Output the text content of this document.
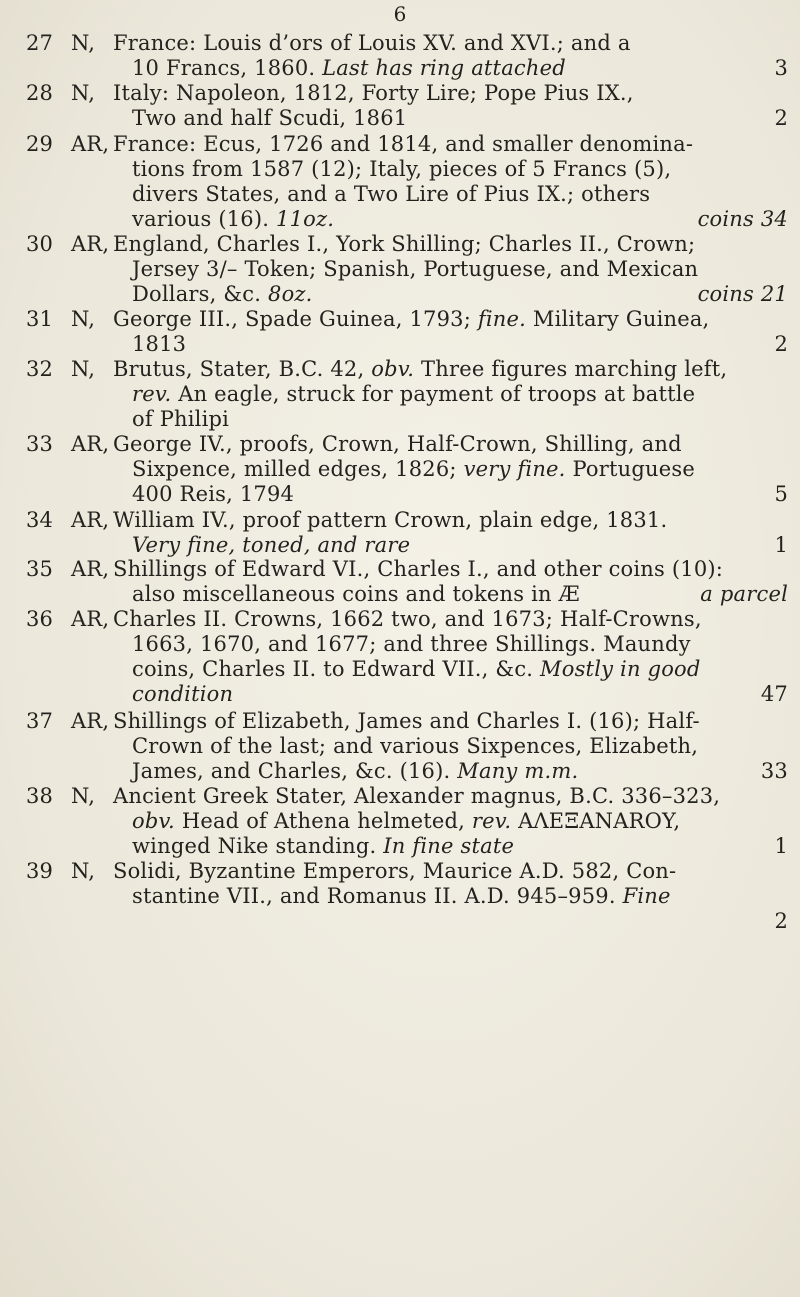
6
27 N, France: Louis d’ors of Louis XV. and XVI.; and a
10 Francs, 1860. Last has ring attached	3
28 N, Italy: Napoleon, 1812, Forty Lire; Pope Pius IX.,
Two and half Scudi, 1861	2
29 AR, France: Ecus, 1726 and 1814, and smaller denomina-
tions from 1587 (12); Italy, pieces of 5 Francs (5),
divers States, and a Two Lire of Pius IX.; others
various (16). 11oz.	coins 34
30 AR, England, Charles I., York Shilling; Charles II., Crown;
Jersey 3/– Token; Spanish, Portuguese, and Mexican
Dollars, &c. 8oz.	coins 21
31 N, George III., Spade Guinea, 1793; fine. Military Guinea,
1813	2
32 N, Brutus, Stater, B.C. 42, obv. Three figures marching left,
rev. An eagle, struck for payment of troops at battle
of Philipi
33 AR, George IV., proofs, Crown, Half-Crown, Shilling, and
Sixpence, milled edges, 1826; very fine. Portuguese
400 Reis, 1794	5
34 AR, William IV., proof pattern Crown, plain edge, 1831.
Very fine, toned, and rare	1
35 AR, Shillings of Edward VI., Charles I., and other coins (10):
also miscellaneous coins and tokens in Æ	a parcel
36 AR, Charles II. Crowns, 1662 two, and 1673; Half-Crowns,
1663, 1670, and 1677; and three Shillings. Maundy
coins, Charles II. to Edward VII., &c. Mostly in good
condition	47
37 AR, Shillings of Elizabeth, James and Charles I. (16); Half-
Crown of the last; and various Sixpences, Elizabeth,
James, and Charles, &c. (16). Many m.m.	33
38 N, Ancient Greek Stater, Alexander magnus, B.C. 336–323,
obv. Head of Athena helmeted, rev. AΛΕΞΑΝΑROY,
winged Nike standing. In fine state	1
39 N, Solidi, Byzantine Emperors, Maurice A.D. 582, Con-
stantine VII., and Romanus II. A.D. 945–959. Fine
2
